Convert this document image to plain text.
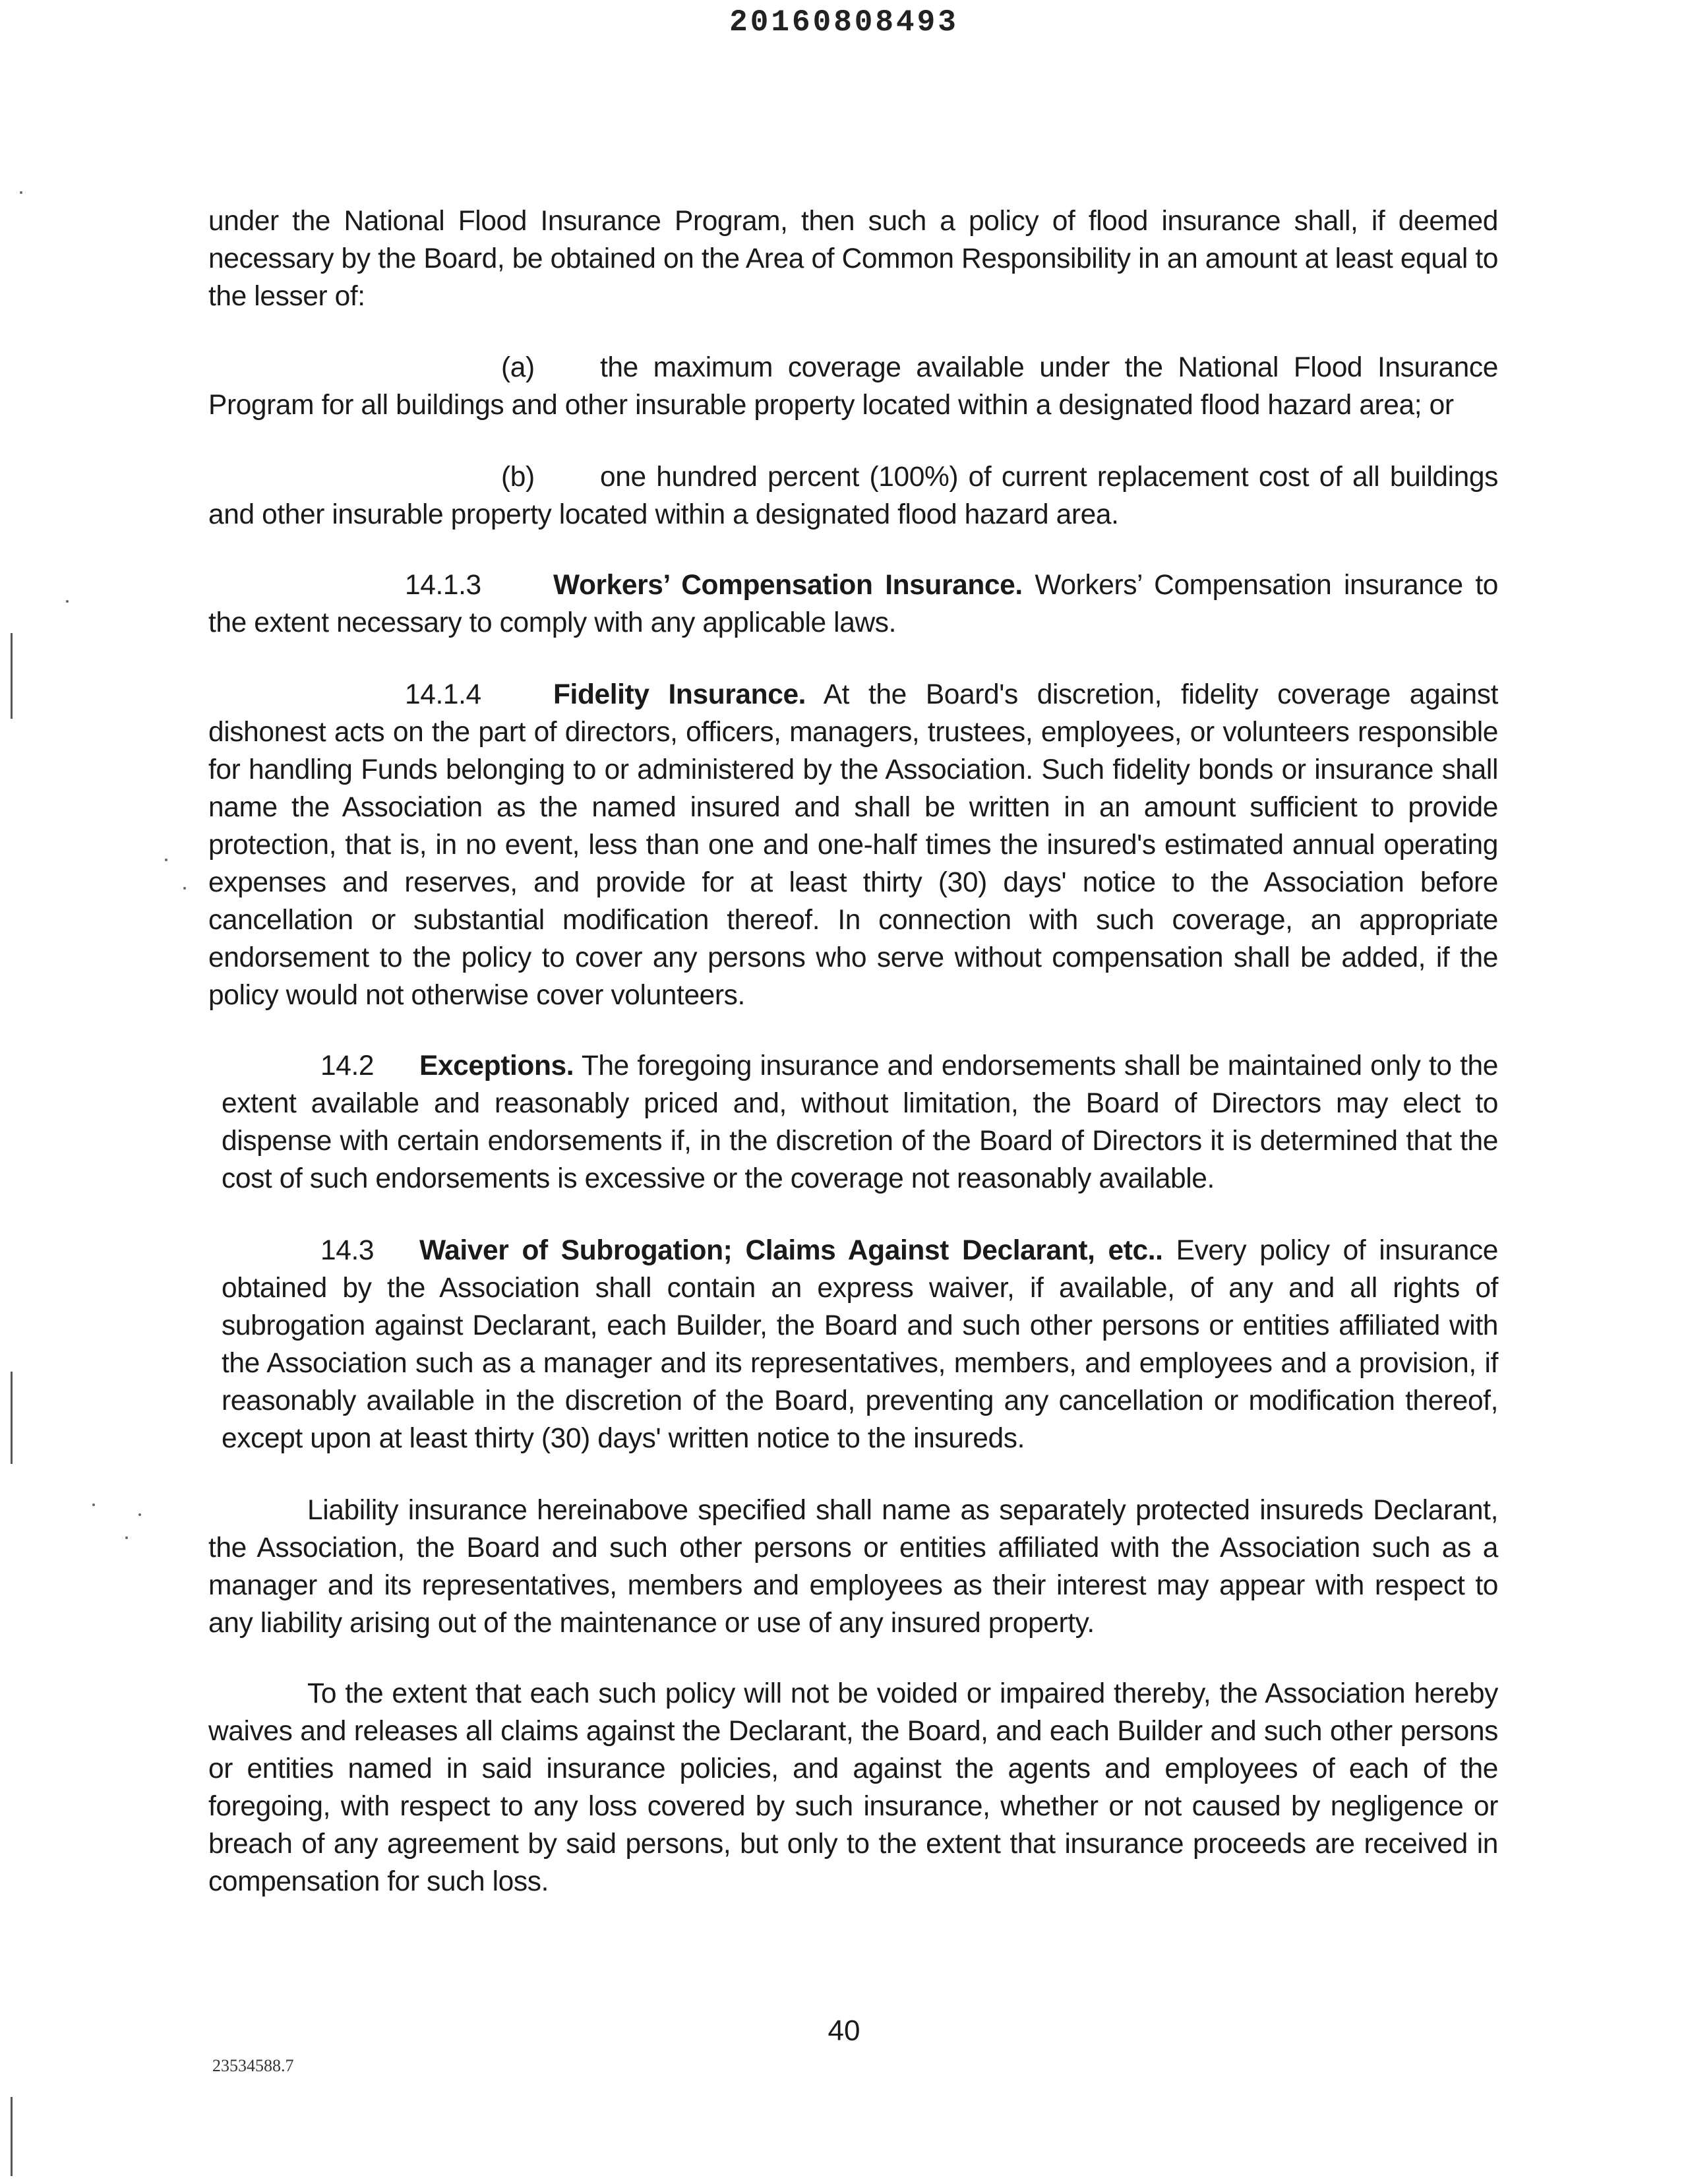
20160808493
under the National Flood Insurance Program, then such a policy of flood insurance shall, if deemed necessary by the Board, be obtained on the Area of Common Responsibility in an amount at least equal to the lesser of:
(a) the maximum coverage available under the National Flood Insurance Program for all buildings and other insurable property located within a designated flood hazard area; or
(b) one hundred percent (100%) of current replacement cost of all buildings and other insurable property located within a designated flood hazard area.
14.1.3	Workers’ Compensation Insurance. Workers’ Compensation insurance to the extent necessary to comply with any applicable laws.
14.1.4	Fidelity Insurance. At the Board's discretion, fidelity coverage against dishonest acts on the part of directors, officers, managers, trustees, employees, or volunteers responsible for handling Funds belonging to or administered by the Association. Such fidelity bonds or insurance shall name the Association as the named insured and shall be written in an amount sufficient to provide protection, that is, in no event, less than one and one-half times the insured's estimated annual operating expenses and reserves, and provide for at least thirty (30) days' notice to the Association before cancellation or substantial modification thereof. In connection with such coverage, an appropriate endorsement to the policy to cover any persons who serve without compensation shall be added, if the policy would not otherwise cover volunteers.
14.2 Exceptions. The foregoing insurance and endorsements shall be maintained only to the extent available and reasonably priced and, without limitation, the Board of Directors may elect to dispense with certain endorsements if, in the discretion of the Board of Directors it is determined that the cost of such endorsements is excessive or the coverage not reasonably available.
14.3 Waiver of Subrogation; Claims Against Declarant, etc.. Every policy of insurance obtained by the Association shall contain an express waiver, if available, of any and all rights of subrogation against Declarant, each Builder, the Board and such other persons or entities affiliated with the Association such as a manager and its representatives, members, and employees and a provision, if reasonably available in the discretion of the Board, preventing any cancellation or modification thereof, except upon at least thirty (30) days' written notice to the insureds.
Liability insurance hereinabove specified shall name as separately protected insureds Declarant, the Association, the Board and such other persons or entities affiliated with the Association such as a manager and its representatives, members and employees as their interest may appear with respect to any liability arising out of the maintenance or use of any insured property.
To the extent that each such policy will not be voided or impaired thereby, the Association hereby waives and releases all claims against the Declarant, the Board, and each Builder and such other persons or entities named in said insurance policies, and against the agents and employees of each of the foregoing, with respect to any loss covered by such insurance, whether or not caused by negligence or breach of any agreement by said persons, but only to the extent that insurance proceeds are received in compensation for such loss.
40
23534588.7
